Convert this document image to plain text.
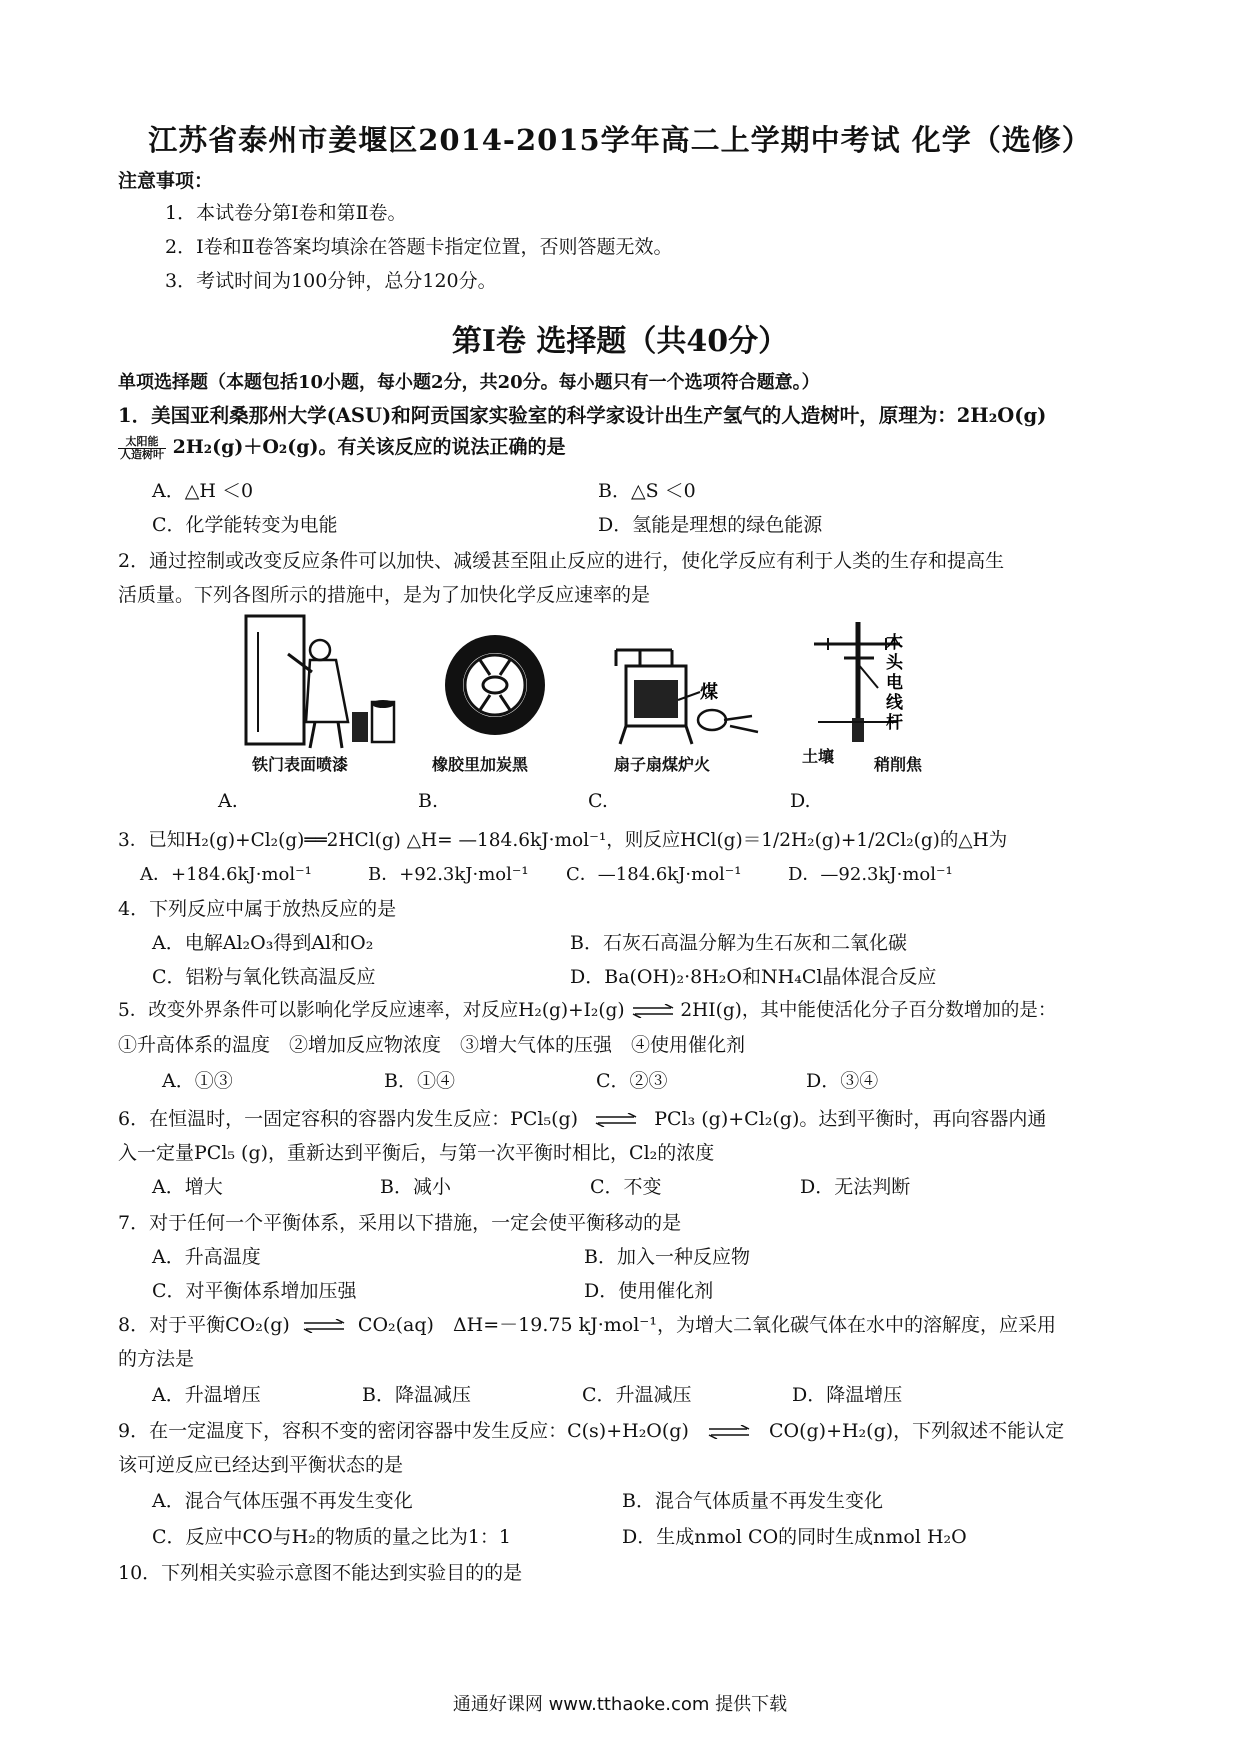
江苏省泰州市姜堰区2014-2015学年高二上学期中考试 化学（选修）
注意事项：
1．本试卷分第Ⅰ卷和第Ⅱ卷。
2．Ⅰ卷和Ⅱ卷答案均填涂在答题卡指定位置，否则答题无效。
3．考试时间为100分钟，总分120分。
第Ⅰ卷 选择题（共40分）
单项选择题（本题包括10小题，每小题2分，共20分。每小题只有一个选项符合题意。）
1．美国亚利桑那州大学(ASU)和阿贡国家实验室的科学家设计出生产氢气的人造树叶，原理为：2H₂O(g)
$\frac{\text{太阳能}}{\text{人造树叶}} 2H_2(g)+O_2(g)$。有关该反应的说法正确的是
A．△H ＜0	B．△S ＜0
C．化学能转变为电能	D．氢能是理想的绿色能源
2．通过控制或改变反应条件可以加快、减缓甚至阻止反应的进行，使化学反应有利于人类的生存和提高生
活质量。下列各图所示的措施中，是为了加快化学反应速率的是
铁门表面喷漆	橡胶里加炭黑
煤
扇子扇煤炉火
木 头 电 线 杆
土壤 稍削焦
A.	B.	C.	D.
3．已知H₂(g)+Cl₂(g)══2HCl(g) △H= —184.6kJ·mol⁻¹，则反应HCl(g)＝1/2H₂(g)+1/2Cl₂(g)的△H为
A．+184.6kJ·mol⁻¹	B．+92.3kJ·mol⁻¹ C．—184.6kJ·mol⁻¹	D．—92.3kJ·mol⁻¹
4．下列反应中属于放热反应的是
A．电解Al₂O₃得到Al和O₂	B．石灰石高温分解为生石灰和二氧化碳
C．铝粉与氧化铁高温反应	D．Ba(OH)₂·8H₂O和NH₄Cl晶体混合反应
5．改变外界条件可以影响化学反应速率，对反应H₂(g)+I₂(g) ⇌ 2HI(g)，其中能使活化分子百分数增加的是：
①升高体系的温度　②增加反应物浓度　③增大气体的压强　④使用催化剂
A．①③	B．①④	C．②③	D．③④
6．在恒温时，一固定容积的容器内发生反应：PCl₅(g) ⇌ PCl₃ (g)+Cl₂(g)。达到平衡时，再向容器内通
入一定量PCl₅ (g)，重新达到平衡后，与第一次平衡时相比，Cl₂的浓度
A．增大	B．减小	C．不变	D．无法判断
7．对于任何一个平衡体系，采用以下措施，一定会使平衡移动的是
A．升高温度	B．加入一种反应物
C．对平衡体系增加压强	D．使用催化剂
8．对于平衡CO₂(g) ⇌ CO₂(aq)　ΔH=－19.75 kJ·mol⁻¹，为增大二氧化碳气体在水中的溶解度，应采用
的方法是
A．升温增压	B．降温减压	C．升温减压	D．降温增压
9．在一定温度下，容积不变的密闭容器中发生反应：C(s)+H₂O(g) ⇌ CO(g)+H₂(g)，下列叙述不能认定
该可逆反应已经达到平衡状态的是
A．混合气体压强不再发生变化	B．混合气体质量不再发生变化
C．反应中CO与H₂的物质的量之比为1：1	D．生成nmol CO的同时生成nmol H₂O
10．下列相关实验示意图不能达到实验目的的是
通通好课网 www.tthaoke.com 提供下载
